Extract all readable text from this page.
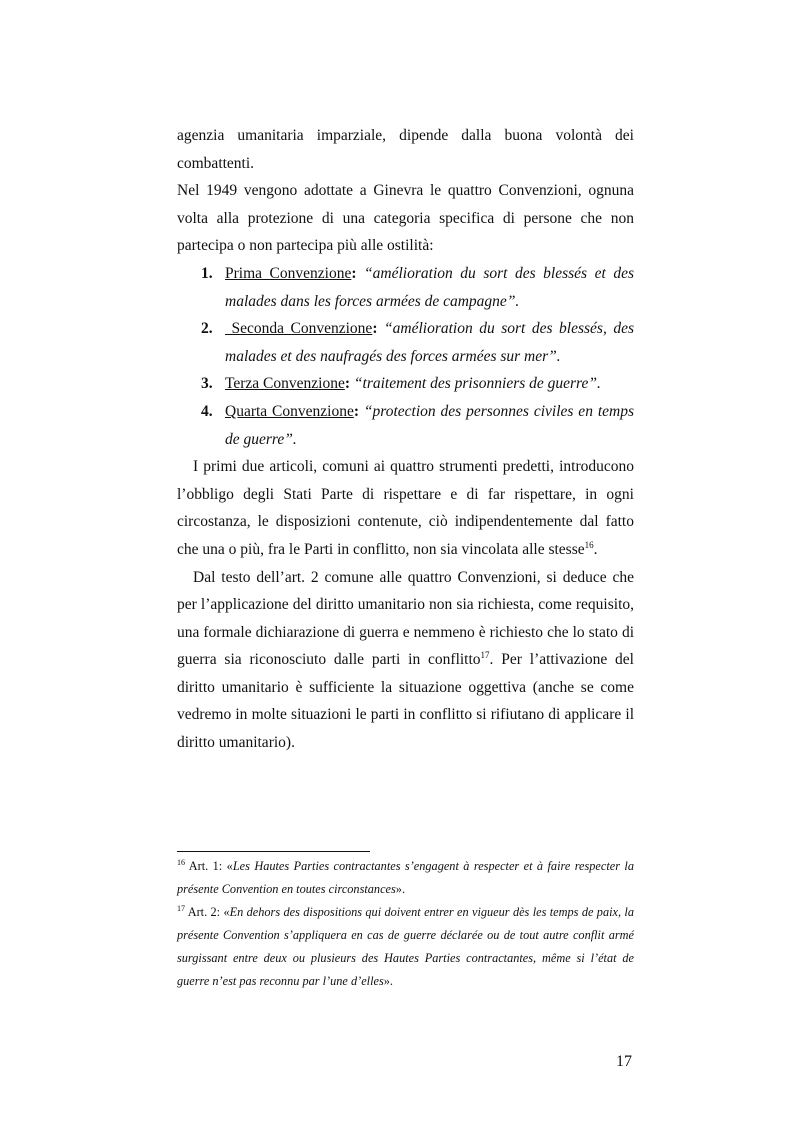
agenzia umanitaria imparziale, dipende dalla buona volontà dei combattenti.

Nel 1949 vengono adottate a Ginevra le quattro Convenzioni, ognuna volta alla protezione di una categoria specifica di persone che non partecipa o non partecipa più alle ostilità:

1. Prima Convenzione: “amélioration du sort des blessés et des malades dans les forces armées de campagne”.
2. Seconda Convenzione: “amélioration du sort des blessés, des malades et des naufragés des forces armées sur mer”.
3. Terza Convenzione: “traitement des prisonniers de guerre”.
4. Quarta Convenzione: “protection des personnes civiles en temps de guerre”.

I primi due articoli, comuni ai quattro strumenti predetti, introducono l’obbligo degli Stati Parte di rispettare e di far rispettare, in ogni circostanza, le disposizioni contenute, ciò indipendentemente dal fatto che una o più, fra le Parti in conflitto, non sia vincolata alle stesse$^{16}$.

Dal testo dell’art. 2 comune alle quattro Convenzioni, si deduce che per l’applicazione del diritto umanitario non sia richiesta, come requisito, una formale dichiarazione di guerra e nemmeno è richiesto che lo stato di guerra sia riconosciuto dalle parti in conflitto$^{17}$. Per l’attivazione del diritto umanitario è sufficiente la situazione oggettiva (anche se come vedremo in molte situazioni le parti in conflitto si rifiutano di applicare il diritto umanitario).

$^{16}$ Art. 1: «Les Hautes Parties contractantes s’engagent à respecter et à faire respecter la présente Convention en toutes circonstances».

$^{17}$ Art. 2: «En dehors des dispositions qui doivent entrer en vigueur dès les temps de paix, la présente Convention s’appliquera en cas de guerre déclarée ou de tout autre conflit armé surgissant entre deux ou plusieurs des Hautes Parties contractantes, même si l’état de guerre n’est pas reconnu par l’une d’elles».

17
